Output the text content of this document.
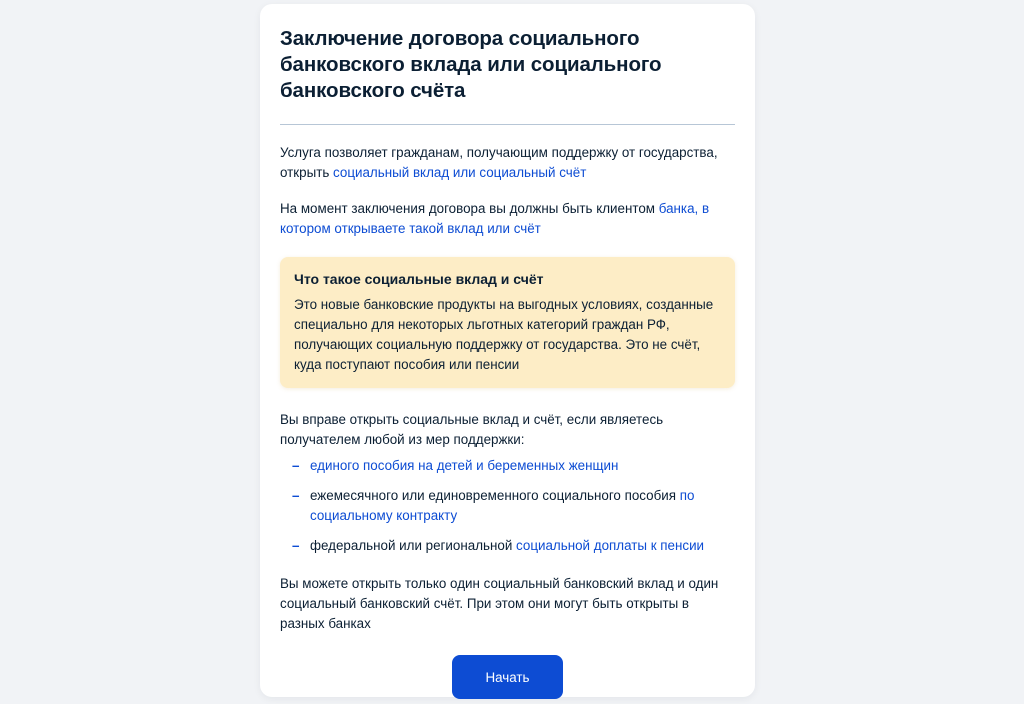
Заключение договора социального банковского вклада или социального банковского счёта

Услуга позволяет гражданам, получающим поддержку от государства, открыть социальный вклад или социальный счёт

На момент заключения договора вы должны быть клиентом банка, в котором открываете такой вклад или счёт

Что такое социальные вклад и счёт

Это новые банковские продукты на выгодных условиях, созданные специально для некоторых льготных категорий граждан РФ, получающих социальную поддержку от государства. Это не счёт, куда поступают пособия или пенсии

Вы вправе открыть социальные вклад и счёт, если являетесь получателем любой из мер поддержки:

– единого пособия на детей и беременных женщин
– ежемесячного или единовременного социального пособия по социальному контракту
– федеральной или региональной социальной доплаты к пенсии

Вы можете открыть только один социальный банковский вклад и один социальный банковский счёт. При этом они могут быть открыты в разных банках

Начать
